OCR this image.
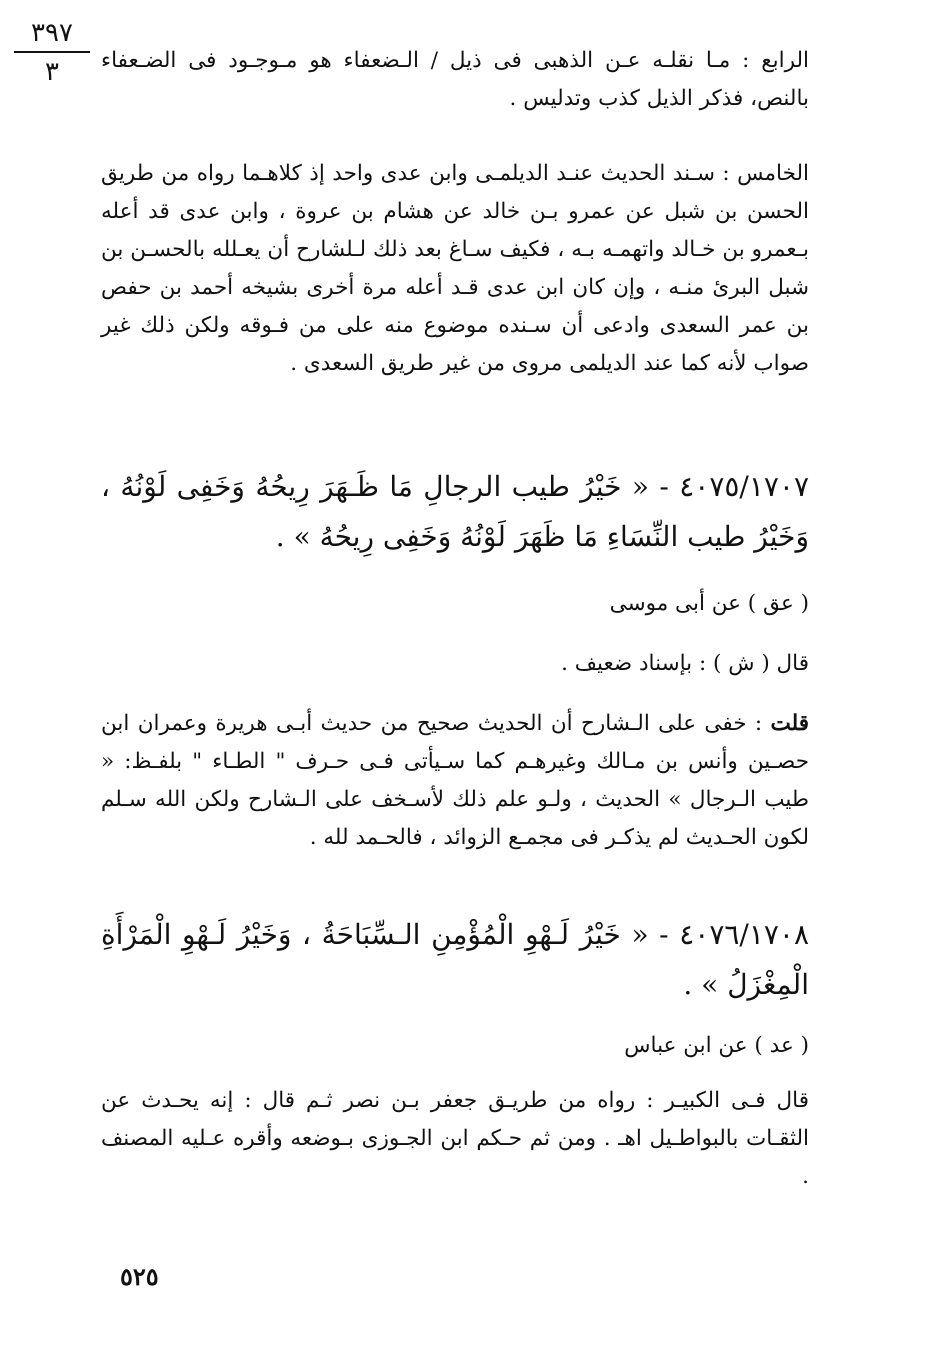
٣٩٧
٣	الرابع : مـا نقلـه عـن الذهبى فى ذيل / الـضعفاء هو مـوجـود فى الضـعفاء بالنص، فذكر الذيل كذب وتدليس .
الخامس : سـند الحديث عنـد الديلمـى وابن عدى واحد إذ كلاهـما رواه من طريق الحسن بن شبل عن عمرو بـن خالد عن هشام بن عروة ، وابن عدى قد أعله بـعمرو بن خـالد واتهمـه بـه ، فكيف سـاغ بعد ذلك لـلشارح أن يعـلله بالحسـن بن شبل البرئ منـه ، وإن كان ابن عدى قـد أعله مرة أخرى بشيخه أحمد بن حفص بن عمر السعدى وادعى أن سـنده موضوع منه على من فـوقه ولكن ذلك غير صواب لأنه كما عند الديلمى مروى من غير طريق السعدى .
٤٠٧٥/١٧٠٧ - « خَيْرُ طيب الرجالِ مَا ظَـهَرَ رِيحُهُ وَخَفِى لَوْنُهُ ، وَخَيْرُ طيب النِّسَاءِ مَا ظَهَرَ لَوْنُهُ وَخَفِى رِيحُهُ » .
( عق ) عن أبى موسى
قال ( ش ) : بإسناد ضعيف .
قلت : خفى على الـشارح أن الحديث صحيح من حديث أبـى هريرة وعمران ابن حصـين وأنس بن مـالك وغيرهـم كما سـيأتى فـى حـرف " الطـاء " بلفـظ: « طيب الـرجال » الحديث ، ولـو علم ذلك لأسـخف على الـشارح ولكن الله سـلم لكون الحـديث لم يذكـر فى مجمـع الزوائد ، فالحـمد لله .
٤٠٧٦/١٧٠٨ - « خَيْرُ لَـهْوِ الْمُؤْمِنِ الـسِّبَاحَةُ ، وَخَيْرُ لَـهْوِ الْمَرْأَةِ الْمِغْزَلُ » .
( عد ) عن ابن عباس
قال فـى الكبيـر : رواه من طريـق جعفر بـن نصر ثـم قال : إنه يحـدث عن الثقـات بالبواطـيل اهـ . ومن ثم حـكم ابن الجـوزى بـوضعه وأقره عـليه المصنف .
٥٢٥
